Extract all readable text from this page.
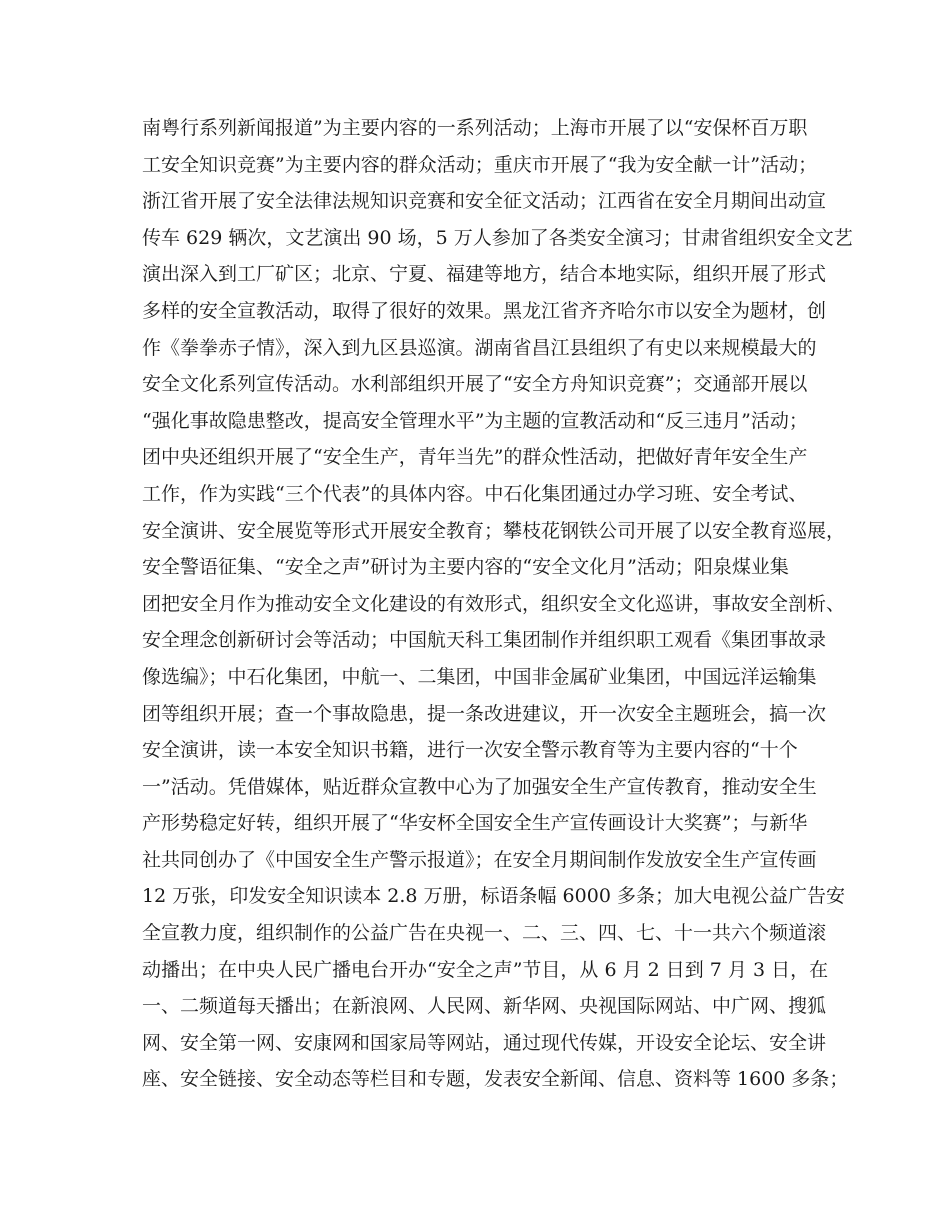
南粤行系列新闻报道”为主要内容的一系列活动；上海市开展了以“安保杯百万职
工安全知识竞赛”为主要内容的群众活动；重庆市开展了“我为安全献一计”活动；
浙江省开展了安全法律法规知识竞赛和安全征文活动；江西省在安全月期间出动宣
传车 629 辆次，文艺演出 90 场，5 万人参加了各类安全演习；甘肃省组织安全文艺
演出深入到工厂矿区；北京、宁夏、福建等地方，结合本地实际，组织开展了形式
多样的安全宣教活动，取得了很好的效果。黑龙江省齐齐哈尔市以安全为题材，创
作《拳拳赤子情》，深入到九区县巡演。湖南省昌江县组织了有史以来规模最大的
安全文化系列宣传活动。水利部组织开展了“安全方舟知识竞赛”；交通部开展以
“强化事故隐患整改，提高安全管理水平”为主题的宣教活动和“反三违月”活动；
团中央还组织开展了“安全生产，青年当先”的群众性活动，把做好青年安全生产
工作，作为实践“三个代表”的具体内容。中石化集团通过办学习班、安全考试、
安全演讲、安全展览等形式开展安全教育；攀枝花钢铁公司开展了以安全教育巡展，
安全警语征集、“安全之声”研讨为主要内容的“安全文化月”活动；阳泉煤业集
团把安全月作为推动安全文化建设的有效形式，组织安全文化巡讲，事故安全剖析、
安全理念创新研讨会等活动；中国航天科工集团制作并组织职工观看《集团事故录
像选编》；中石化集团，中航一、二集团，中国非金属矿业集团，中国远洋运输集
团等组织开展；查一个事故隐患，提一条改进建议，开一次安全主题班会，搞一次
安全演讲，读一本安全知识书籍，进行一次安全警示教育等为主要内容的“十个
一”活动。凭借媒体，贴近群众宣教中心为了加强安全生产宣传教育，推动安全生
产形势稳定好转，组织开展了“华安杯全国安全生产宣传画设计大奖赛”；与新华
社共同创办了《中国安全生产警示报道》；在安全月期间制作发放安全生产宣传画
12 万张，印发安全知识读本 2.8 万册，标语条幅 6000 多条；加大电视公益广告安
全宣教力度，组织制作的公益广告在央视一、二、三、四、七、十一共六个频道滚
动播出；在中央人民广播电台开办“安全之声”节目，从 6 月 2 日到 7 月 3 日，在
一、二频道每天播出；在新浪网、人民网、新华网、央视国际网站、中广网、搜狐
网、安全第一网、安康网和国家局等网站，通过现代传媒，开设安全论坛、安全讲
座、安全链接、安全动态等栏目和专题，发表安全新闻、信息、资料等 1600 多条；
